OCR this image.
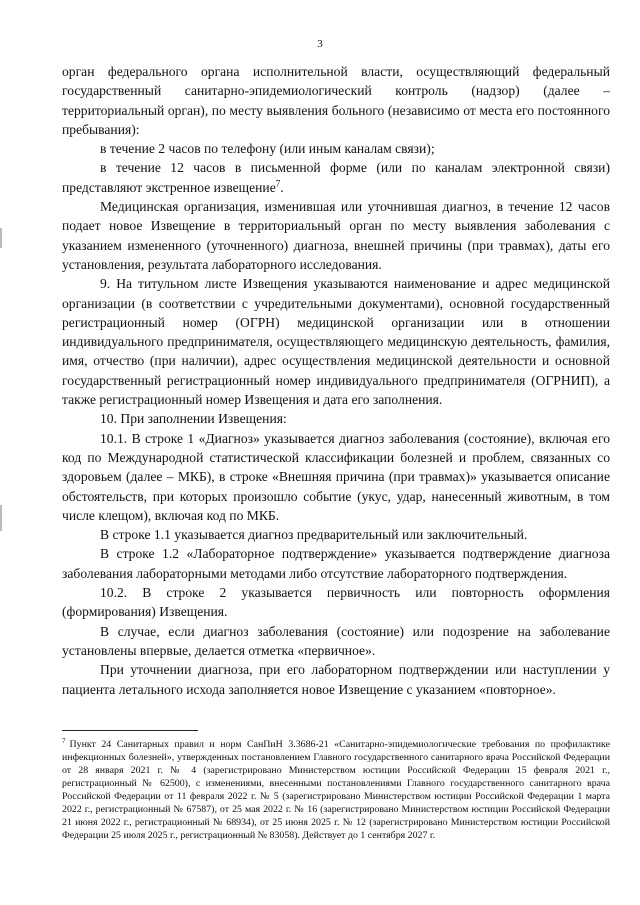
3

орган федерального органа исполнительной власти, осуществляющий федеральный государственный санитарно-эпидемиологический контроль (надзор) (далее – территориальный орган), по месту выявления больного (независимо от места его постоянного пребывания):

в течение 2 часов по телефону (или иным каналам связи);

в течение 12 часов в письменной форме (или по каналам электронной связи) представляют экстренное извещение$^7$.

Медицинская организация, изменившая или уточнившая диагноз, в течение 12 часов подает новое Извещение в территориальный орган по месту выявления заболевания с указанием измененного (уточненного) диагноза, внешней причины (при травмах), даты его установления, результата лабораторного исследования.

9. На титульном листе Извещения указываются наименование и адрес медицинской организации (в соответствии с учредительными документами), основной государственный регистрационный номер (ОГРН) медицинской организации или в отношении индивидуального предпринимателя, осуществляющего медицинскую деятельность, фамилия, имя, отчество (при наличии), адрес осуществления медицинской деятельности и основной государственный регистрационный номер индивидуального предпринимателя (ОГРНИП), а также регистрационный номер Извещения и дата его заполнения.

10. При заполнении Извещения:

10.1. В строке 1 «Диагноз» указывается диагноз заболевания (состояние), включая его код по Международной статистической классификации болезней и проблем, связанных со здоровьем (далее – МКБ), в строке «Внешняя причина (при травмах)» указывается описание обстоятельств, при которых произошло событие (укус, удар, нанесенный животным, в том числе клещом), включая код по МКБ.

В строке 1.1 указывается диагноз предварительный или заключительный.

В строке 1.2 «Лабораторное подтверждение» указывается подтверждение диагноза заболевания лабораторными методами либо отсутствие лабораторного подтверждения.

10.2. В строке 2 указывается первичность или повторность оформления (формирования) Извещения.

В случае, если диагноз заболевания (состояние) или подозрение на заболевание установлены впервые, делается отметка «первичное».

При уточнении диагноза, при его лабораторном подтверждении или наступлении у пациента летального исхода заполняется новое Извещение с указанием «повторное».

$^7$ Пункт 24 Санитарных правил и норм СанПиН 3.3686-21 «Санитарно-эпидемиологические требования по профилактике инфекционных болезней», утвержденных постановлением Главного государственного санитарного врача Российской Федерации от 28 января 2021 г. № 4 (зарегистрировано Министерством юстиции Российской Федерации 15 февраля 2021 г., регистрационный № 62500), с изменениями, внесенными постановлениями Главного государственного санитарного врача Российской Федерации от 11 февраля 2022 г. № 5 (зарегистрировано Министерством юстиции Российской Федерации 1 марта 2022 г., регистрационный № 67587), от 25 мая 2022 г. № 16 (зарегистрировано Министерством юстиции Российской Федерации 21 июня 2022 г., регистрационный № 68934), от 25 июня 2025 г. № 12 (зарегистрировано Министерством юстиции Российской Федерации 25 июля 2025 г., регистрационный № 83058). Действует до 1 сентября 2027 г.
